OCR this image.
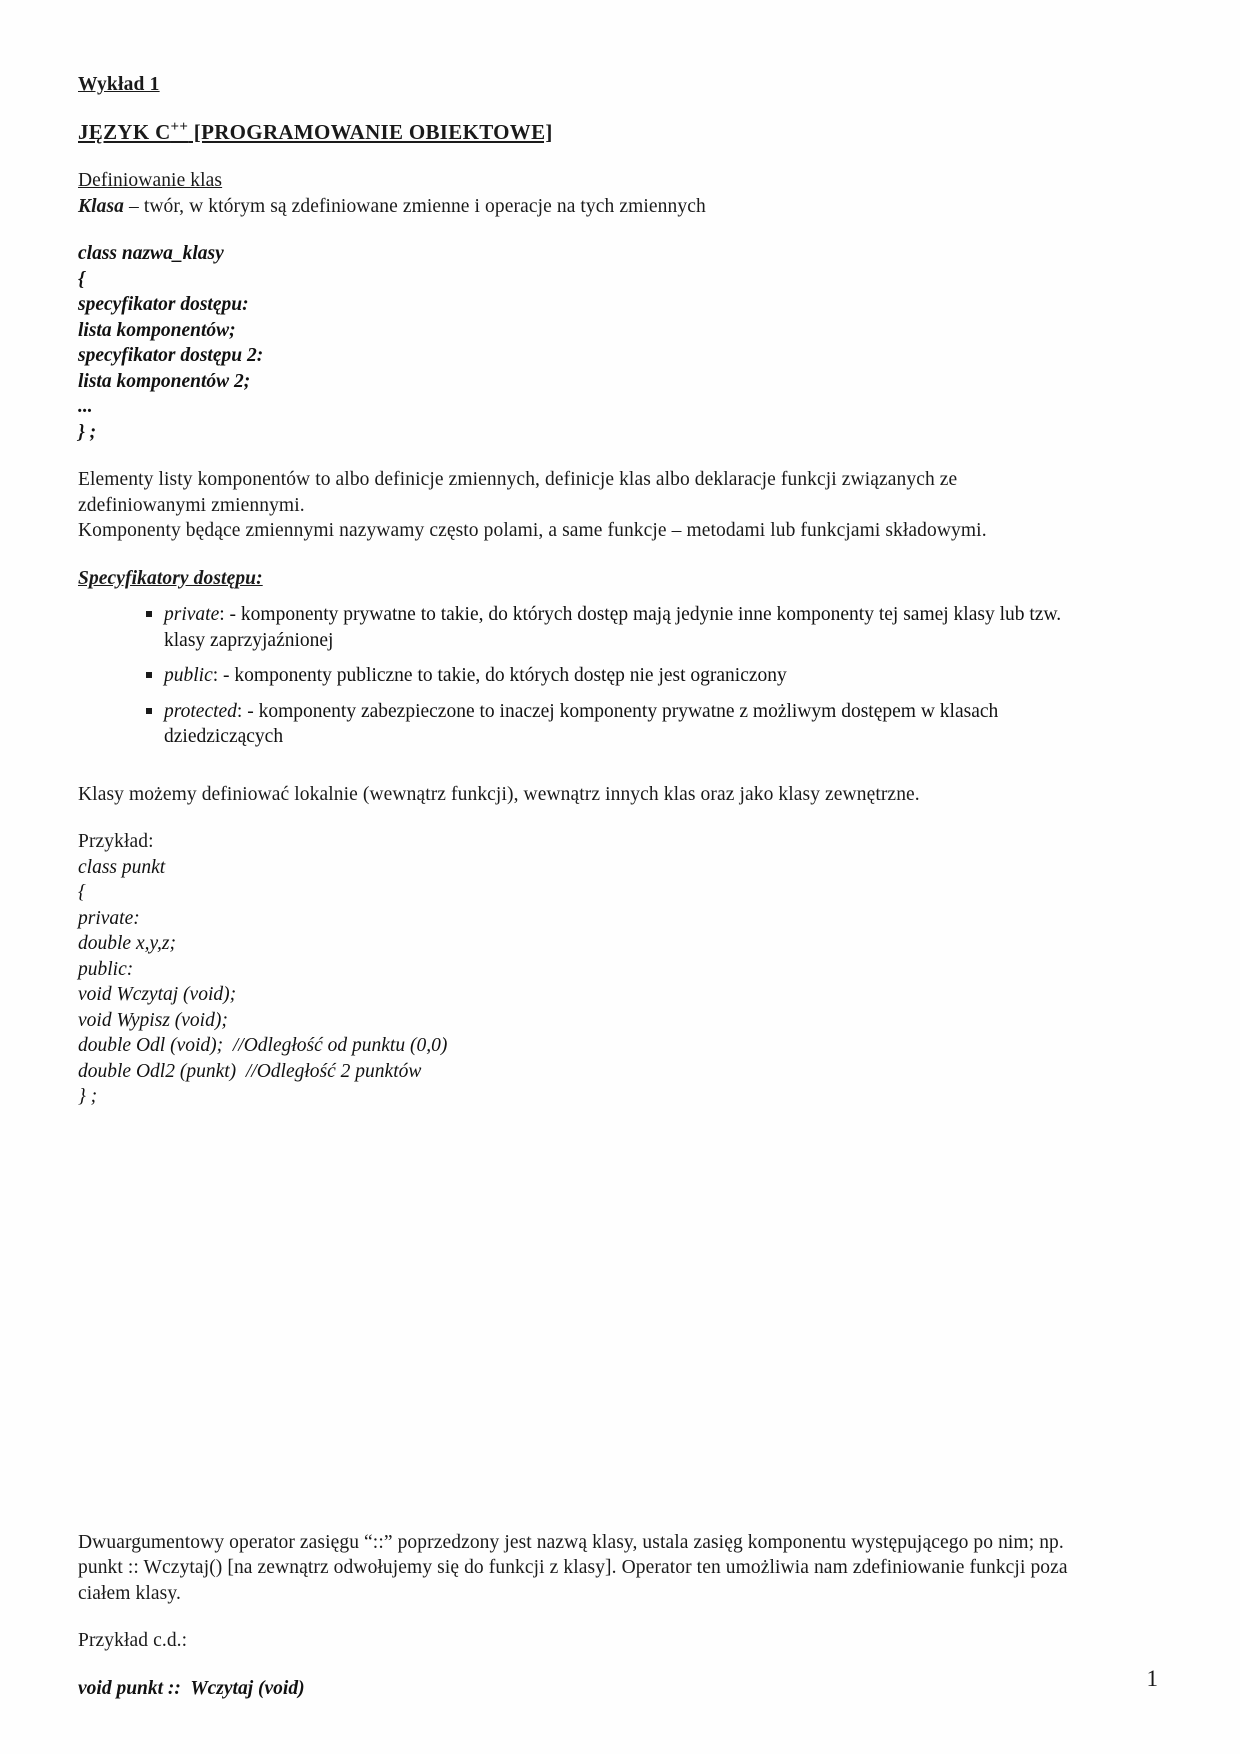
Wykład 1
JĘZYK C++ [PROGRAMOWANIE OBIEKTOWE]
Definiowanie klas
Klasa – twór, w którym są zdefiniowane zmienne i operacje na tych zmiennych
class nazwa_klasy
{
specyfikator dostępu:
lista komponentów;
specyfikator dostępu 2:
lista komponentów 2;
...
} ;
Elementy listy komponentów to albo definicje zmiennych, definicje klas albo deklaracje funkcji związanych ze zdefiniowanymi zmiennymi.
Komponenty będące zmiennymi nazywamy często polami, a same funkcje – metodami lub funkcjami składowymi.
Specyfikatory dostępu:
private: - komponenty prywatne to takie, do których dostęp mają jedynie inne komponenty tej samej klasy lub tzw. klasy zaprzyjaźnionej
public: - komponenty publiczne to takie, do których dostęp nie jest ograniczony
protected: - komponenty zabezpieczone to inaczej komponenty prywatne z możliwym dostępem w klasach dziedziczących
Klasy możemy definiować lokalnie (wewnątrz funkcji), wewnątrz innych klas oraz jako klasy zewnętrzne.
Przykład:
class punkt
{
private:
double x,y,z;
public:
void Wczytaj (void);
void Wypisz (void);
double Odl (void);  //Odległość od punktu (0,0)
double Odl2 (punkt)  //Odległość 2 punktów
} ;
Dwuargumentowy operator zasięgu “::” poprzedzony jest nazwą klasy, ustala zasięg komponentu występującego po nim; np. punkt :: Wczytaj() [na zewnątrz odwołujemy się do funkcji z klasy]. Operator ten umożliwia nam zdefiniowanie funkcji poza ciałem klasy.
Przykład c.d.:
void punkt ::  Wczytaj (void)	1
